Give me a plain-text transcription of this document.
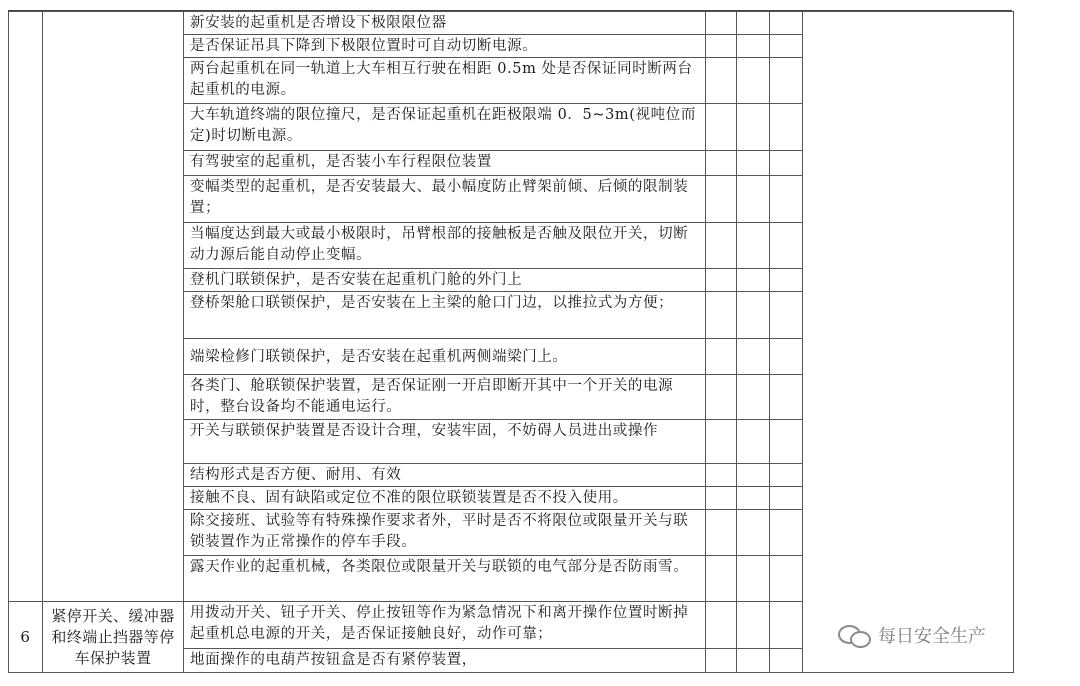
		新安装的起重机是否增设下极限限位器				
		是否保证吊具下降到下极限位置时可自动切断电源。				
		两台起重机在同一轨道上大车相互行驶在相距 0.5m 处是否保证同时断两台起重机的电源。				
		大车轨道终端的限位撞尺，是否保证起重机在距极限端 0．5~3m(视吨位而定)时切断电源。				
		有驾驶室的起重机，是否装小车行程限位装置				
		变幅类型的起重机，是否安装最大、最小幅度防止臂架前倾、后倾的限制装置；				
		当幅度达到最大或最小极限时，吊臂根部的接触板是否触及限位开关，切断动力源后能自动停止变幅。				
		登机门联锁保护，是否安装在起重机门舱的外门上				
		登桥架舱口联锁保护，是否安装在上主梁的舱口门边，以推拉式为方便；				
		端梁检修门联锁保护，是否安装在起重机两侧端梁门上。				
		各类门、舱联锁保护装置，是否保证刚一开启即断开其中一个开关的电源时，整台设备均不能通电运行。				
		开关与联锁保护装置是否设计合理，安装牢固，不妨碍人员进出或操作				
		结构形式是否方便、耐用、有效				
		接触不良、固有缺陷或定位不准的限位联锁装置是否不投入使用。				
		除交接班、试验等有特殊操作要求者外，平时是否不将限位或限量开关与联锁装置作为正常操作的停车手段。				
		露天作业的起重机械，各类限位或限量开关与联锁的电气部分是否防雨雪。				
6	紧停开关、缓冲器和终端止挡器等停车保护装置	用拨动开关、钮子开关、停止按钮等作为紧急情况下和离开操作位置时断掉起重机总电源的开关，是否保证接触良好，动作可靠；				
		地面操作的电葫芦按钮盒是否有紧停装置，				
每日安全生产
